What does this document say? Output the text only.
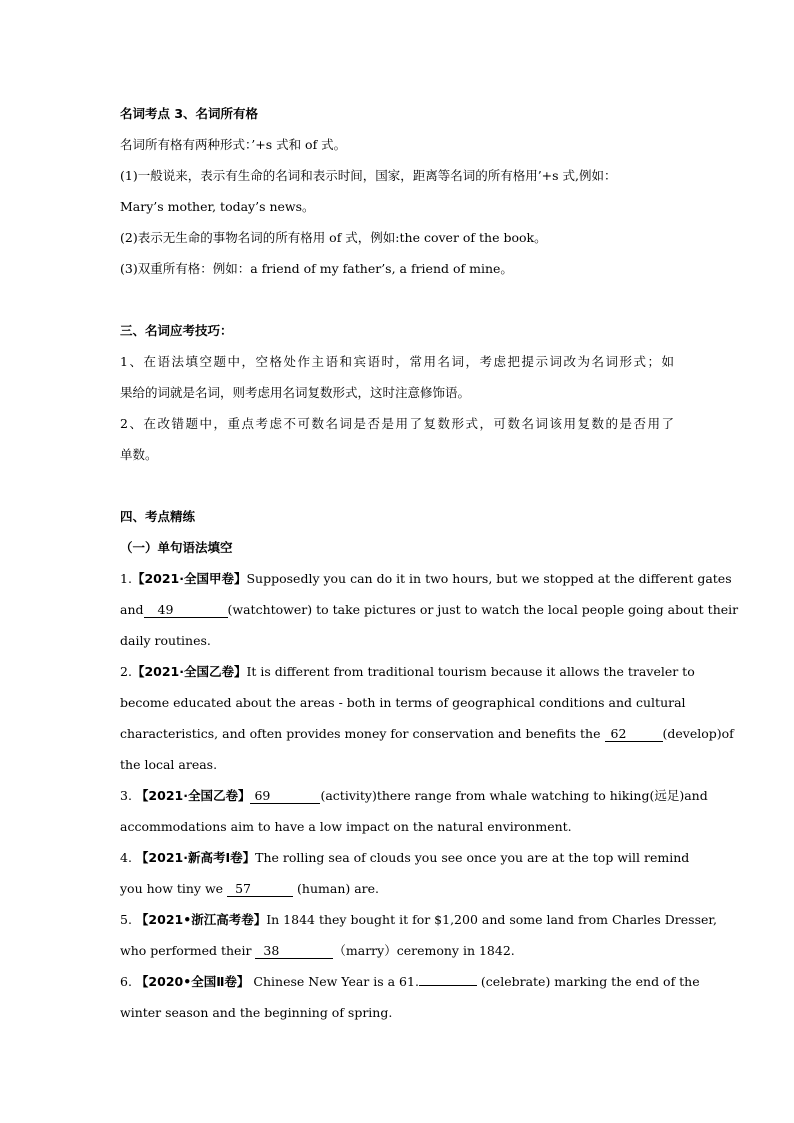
名词考点 3、名词所有格
名词所有格有两种形式：’+s 式和 of 式。
(1)一般说来，表示有生命的名词和表示时间，国家，距离等名词的所有格用’+s 式,例如：
Mary’s mother, today’s news。
(2)表示无生命的事物名词的所有格用 of 式，例如:the cover of the book。
(3)双重所有格：例如：a friend of my father’s, a friend of mine。
三、名词应考技巧：
1、在语法填空题中，空格处作主语和宾语时，常用名词，考虑把提示词改为名词形式；如
果给的词就是名词，则考虑用名词复数形式，这时注意修饰语。
2、在改错题中，重点考虑不可数名词是否是用了复数形式，可数名词该用复数的是否用了
单数。
四、考点精练
（一）单句语法填空
1.【2021·全国甲卷】Supposedly you can do it in two hours, but we stopped at the different gates
and 49	(watchtower) to take pictures or just to watch the local people going about their
daily routines.
2.【2021·全国乙卷】It is different from traditional tourism because it allows the traveler to
become educated about the areas - both in terms of geographical conditions and cultural
characteristics, and often provides money for conservation and benefits the 62	(develop)of
the local areas.
3. 【2021·全国乙卷】 69	(activity)there range from whale watching to hiking(远足)and
accommodations aim to have a low impact on the natural environment.
4. 【2021·新高考Ⅰ卷】The rolling sea of clouds you see once you are at the top will remind
you how tiny we 57	(human) are.
5. 【2021•浙江高考卷】In 1844 they bought it for $1,200 and some land from Charles Dresser,
who performed their 38	（marry）ceremony in 1842.
6. 【2020•全国Ⅱ卷】 Chinese New Year is a 61.	(celebrate) marking the end of the
winter season and the beginning of spring.
